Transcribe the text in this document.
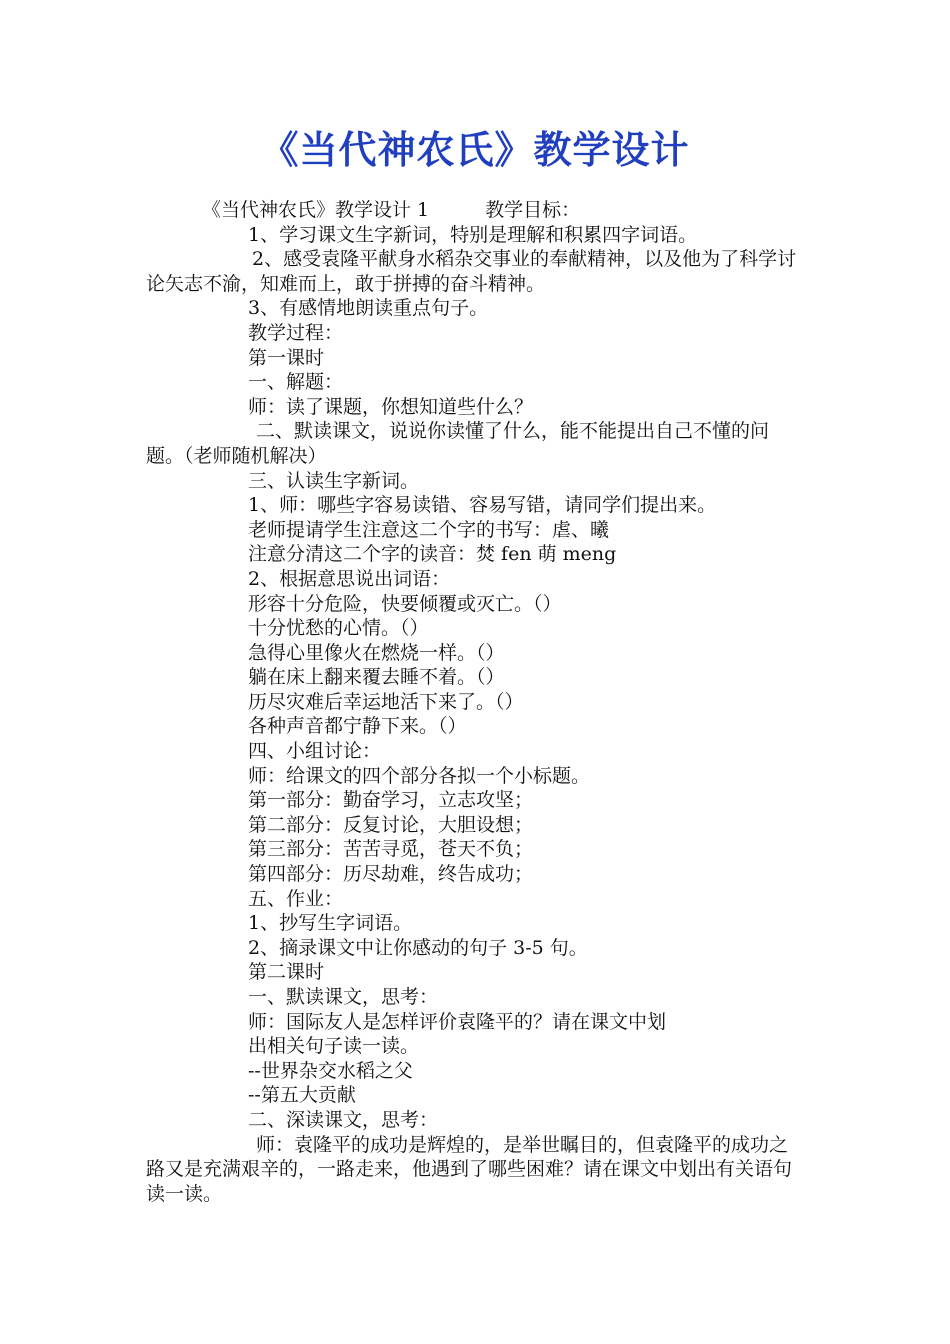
《当代神农氏》教学设计

《当代神农氏》教学设计 1	教学目标：

1、学习课文生字新词，特别是理解和积累四字词语。

2、感受袁隆平献身水稻杂交事业的奉献精神，以及他为了科学讨论矢志不渝，知难而上，敢于拼搏的奋斗精神。

3、有感情地朗读重点句子。

教学过程：

第一课时

一、解题：

师：读了课题，你想知道些什么？

二、默读课文，说说你读懂了什么，能不能提出自己不懂的问题。（老师随机解决）

三、认读生字新词。

1、师：哪些字容易读错、容易写错，请同学们提出来。

老师提请学生注意这二个字的书写：虐、曦

注意分清这二个字的读音：焚 fen 萌 meng

2、根据意思说出词语：

形容十分危险，快要倾覆或灭亡。（）

十分忧愁的心情。（）

急得心里像火在燃烧一样。（）

躺在床上翻来覆去睡不着。（）

历尽灾难后幸运地活下来了。（）

各种声音都宁静下来。（）

四、小组讨论：

师：给课文的四个部分各拟一个小标题。

第一部分：勤奋学习，立志攻坚；

第二部分：反复讨论，大胆设想；

第三部分：苦苦寻觅，苍天不负；

第四部分：历尽劫难，终告成功；

五、作业：

1、抄写生字词语。

2、摘录课文中让你感动的句子 3-5 句。

第二课时

一、默读课文，思考：

师：国际友人是怎样评价袁隆平的？请在课文中划

出相关句子读一读。

--世界杂交水稻之父

--第五大贡献

二、深读课文，思考：

师：袁隆平的成功是辉煌的，是举世瞩目的，但袁隆平的成功之路又是充满艰辛的，一路走来，他遇到了哪些困难？请在课文中划出有关语句读一读。
